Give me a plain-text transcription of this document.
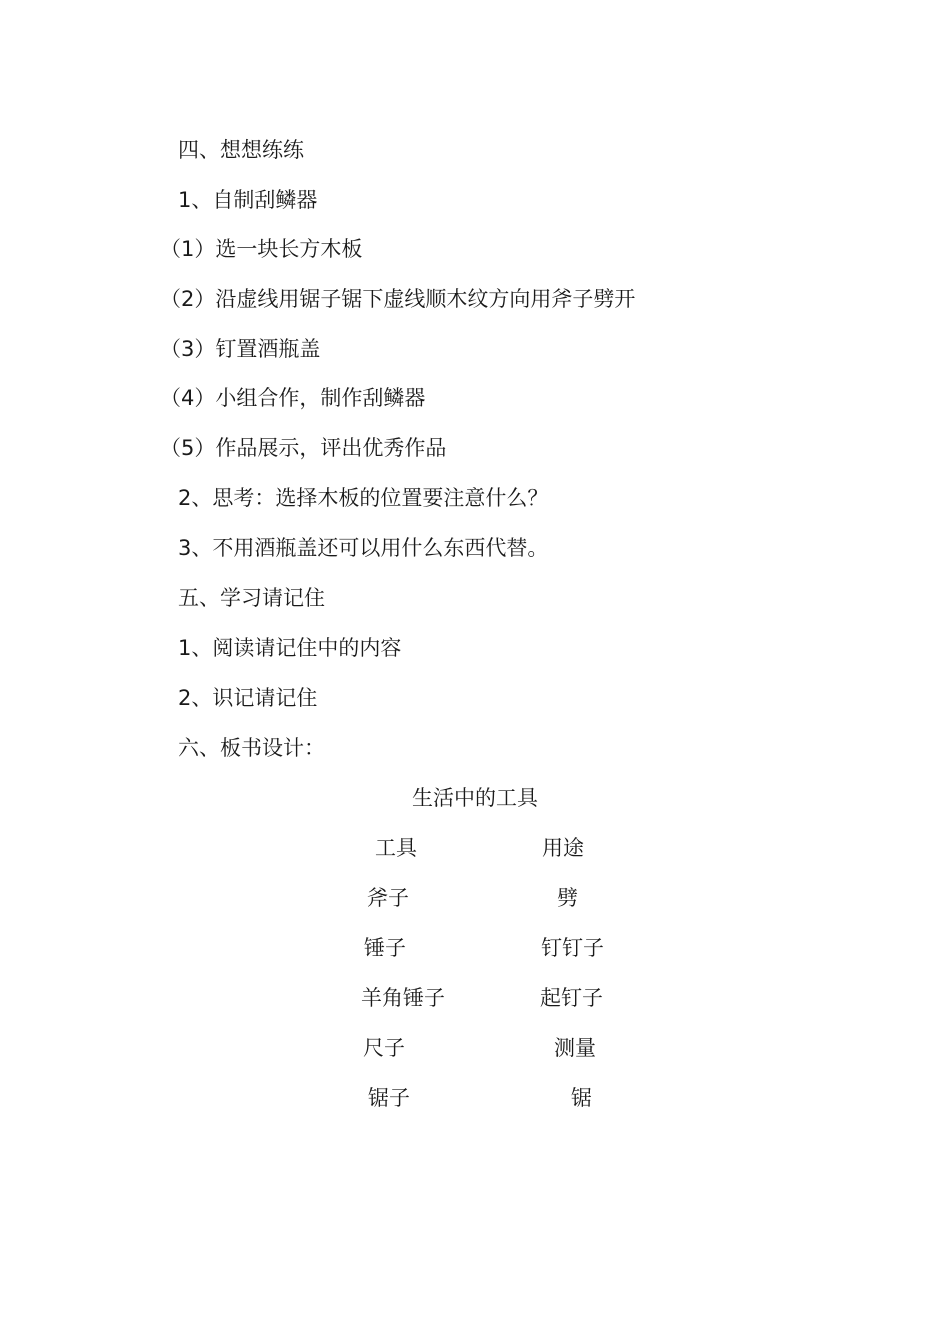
四、想想练练
1、自制刮鳞器
（1）选一块长方木板
（2）沿虚线用锯子锯下虚线顺木纹方向用斧子劈开
（3）钉置酒瓶盖
（4）小组合作，制作刮鳞器
（5）作品展示，评出优秀作品
2、思考：选择木板的位置要注意什么？
3、不用酒瓶盖还可以用什么东西代替。
五、学习请记住
1、阅读请记住中的内容
2、识记请记住
六、板书设计：
生活中的工具
工具	用途
斧子	劈
锤子	钉钉子
羊角锤子	起钉子
尺子	测量
锯子	锯
